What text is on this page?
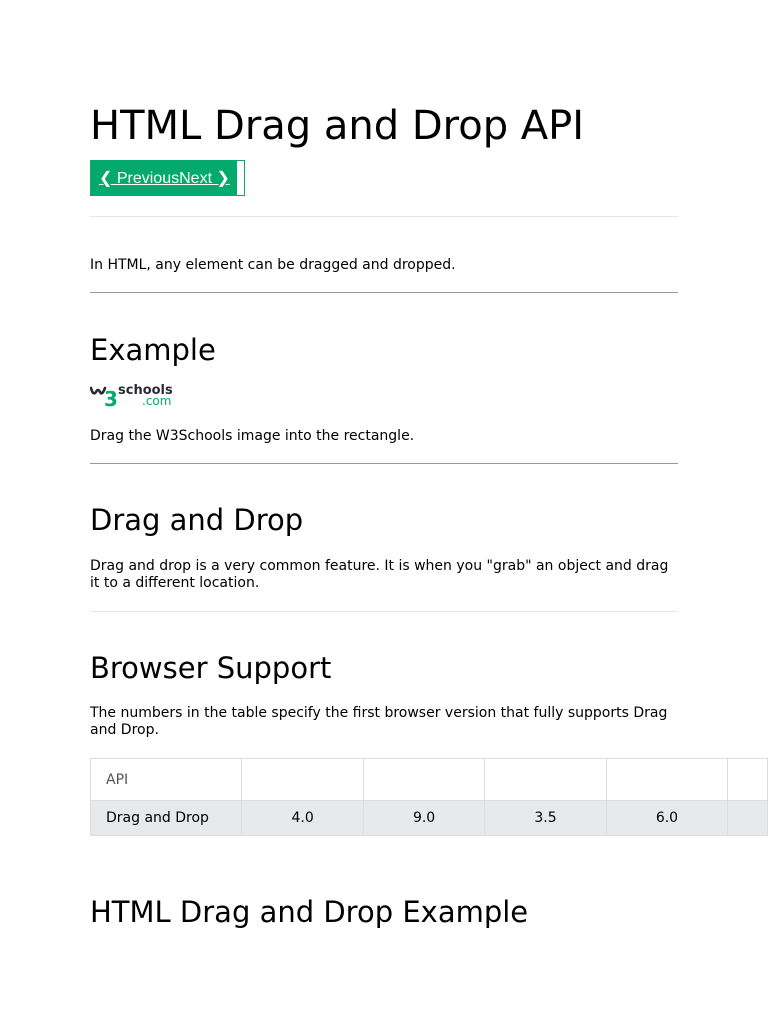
HTML Drag and Drop API
❮ Previous Next ❯

In HTML, any element can be dragged and dropped.

Example
3 schools
.com

Drag the W3Schools image into the rectangle.

Drag and Drop

Drag and drop is a very common feature. It is when you "grab" an object and drag it to a different location.

Browser Support

The numbers in the table specify the first browser version that fully supports Drag and Drop.

HTML Drag and Drop Example
API					
Drag and Drop	4.0	9.0	3.5	6.0	
